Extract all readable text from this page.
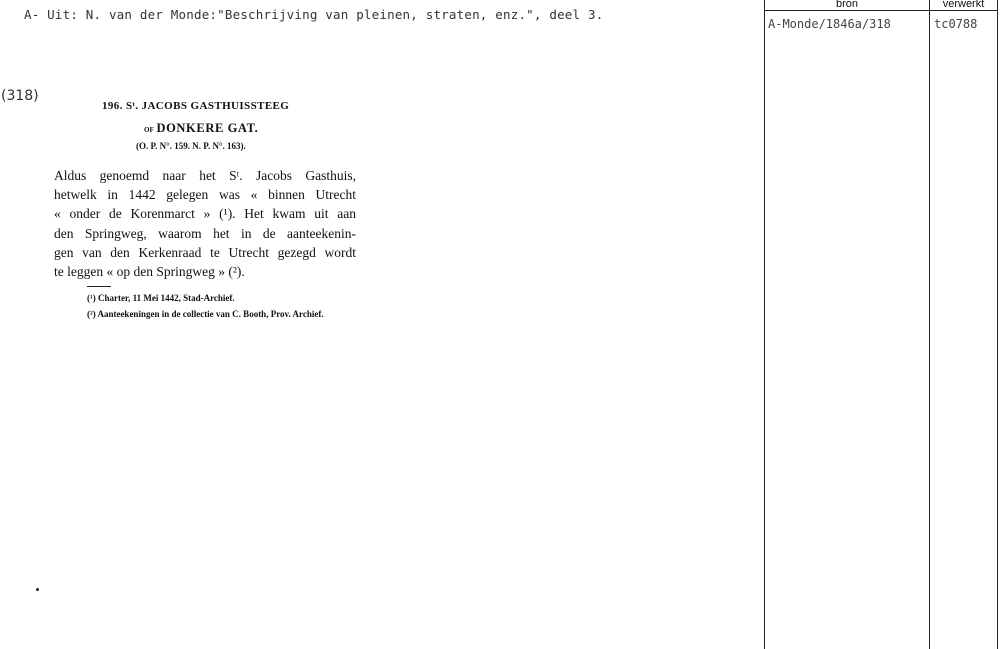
A- Uit: N. van der Monde:"Beschrijving van pleinen, straten, enz.", deel 3.
(318)
196. Sᵗ. JACOBS GASTHUISSTEEG
OF DONKERE GAT.
(O. P. N°. 159. N. P. N°. 163).
Aldus genoemd naar het Sᵗ. Jacobs Gasthuis,
hetwelk in 1442 gelegen was « binnen Utrecht
« onder de Korenmarct » (¹). Het kwam uit aan
den Springweg, waarom het in de aanteekenin-
gen van den Kerkenraad te Utrecht gezegd wordt
te leggen « op den Springweg » (²).
(¹) Charter, 11 Mei 1442, Stad-Archief.
(²) Aanteekeningen in de collectie van C. Booth, Prov. Archief.
bron	verwerkt
A-Monde/1846a/318	tc0788
